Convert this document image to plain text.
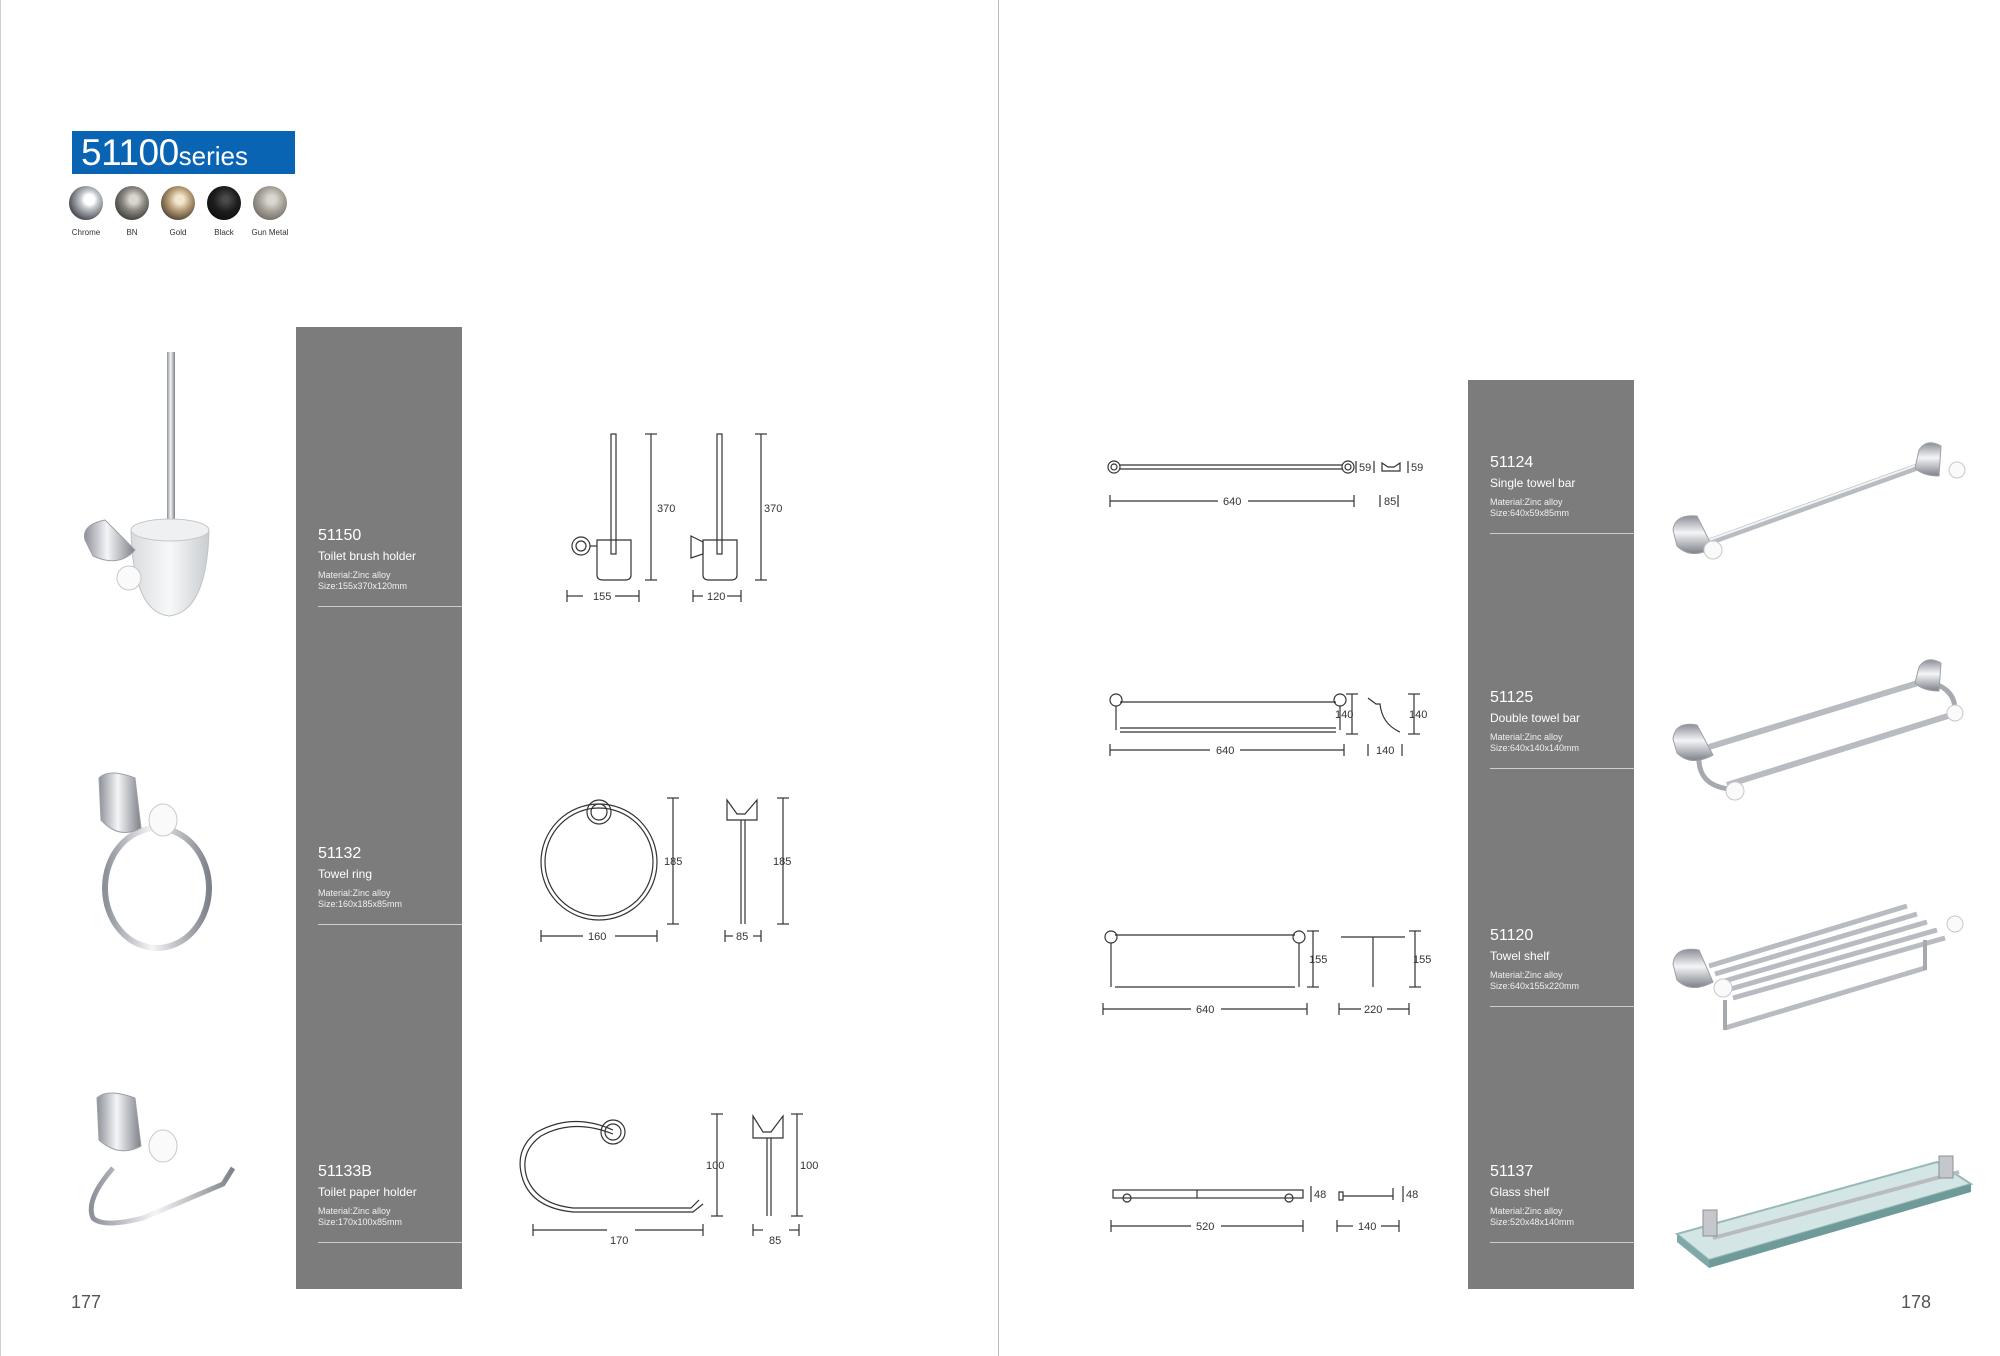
51100 series
Chrome	BN	Gold	Black Gun Metal
51150
Toilet brush holder
Material:Zinc alloy
Size:155x370x120mm
51132
Towel ring
Material:Zinc alloy
Size:160x185x85mm
51133B
Toilet paper holder
Material:Zinc alloy
Size:170x100x85mm
370	370
155	120
185	185
160	85
100	100
170	85
177
51124
Single towel bar
Material:Zinc alloy
Size:640x59x85mm
51125
Double towel bar
Material:Zinc alloy
Size:640x140x140mm
51120
Towel shelf
Material:Zinc alloy
Size:640x155x220mm
51137
Glass shelf
Material:Zinc alloy
Size:520x48x140mm
59	59
640	85
140	140
640	140
155	155
640	220
48	48
520	140
178
